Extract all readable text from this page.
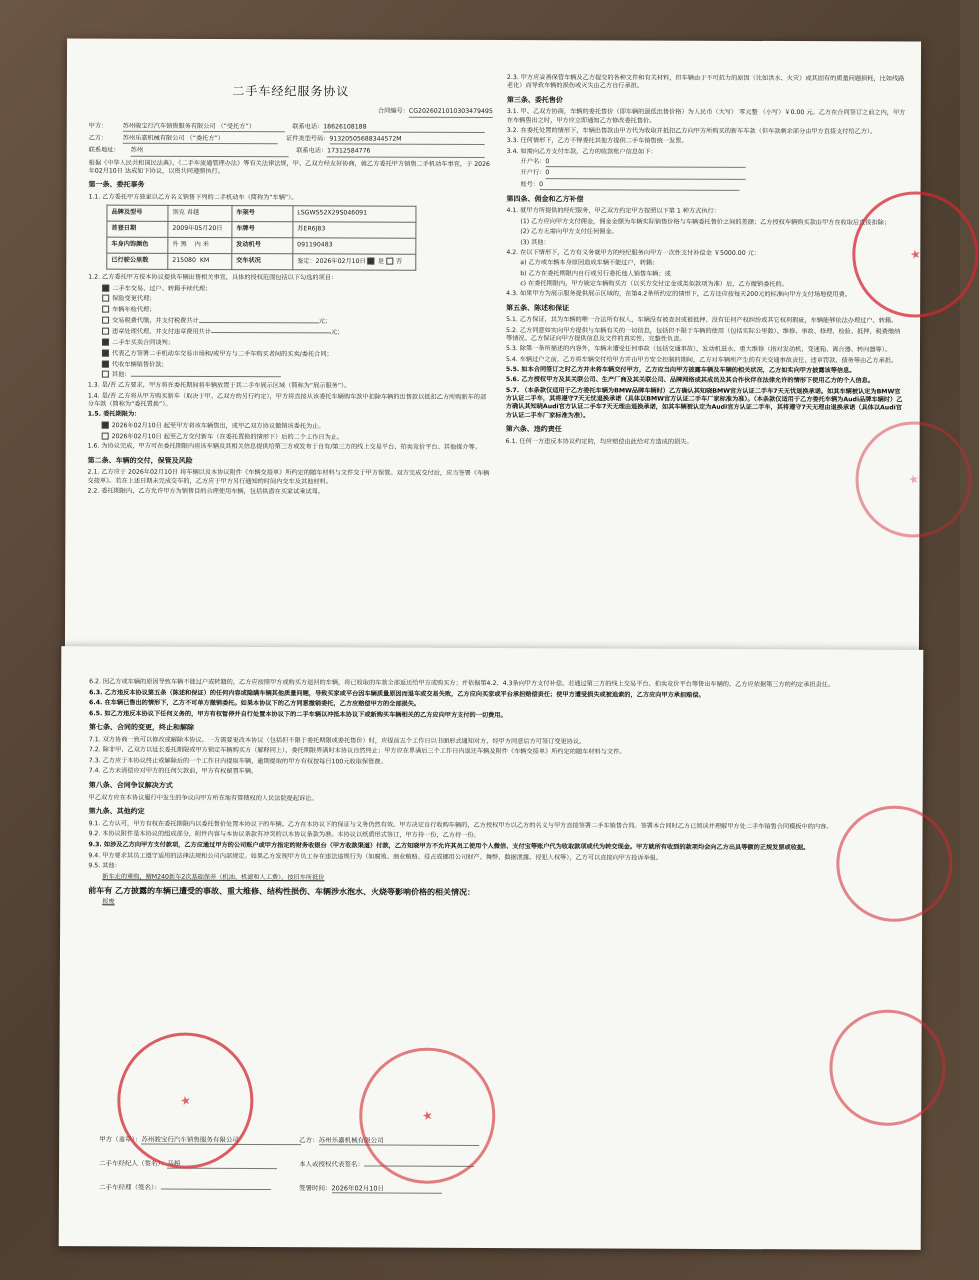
二手车经纪服务协议
合同编号：CG2026021010303479495
甲方：	苏州骏宝行汽车销售服务有限公司 （“受托方”）	联系电话： 18626108188
乙方：	苏州乐嘉机械有限公司 （“委托方”）	证件类型号码： 91320505688344572M
联系地址：	苏州	联系电话： 17312584776
根据《中华人民共和国民法典》、《二手车流通管理办法》等有关法律法规，甲、乙双方经友好协商，就乙方委托甲方销售二手机动车事宜，于 2026年02月10日 达成如下协议，以资共同遵照执行。
第一条、委托事务
1.1. 乙方委托甲方独家以乙方名义销售下列的二手机动车（简称为“车辆”）。
品牌及型号	别克 君越	车架号	LSGWS52X29S046091
首登日期	2009年05月20日	车牌号	苏ER6J83
车身内饰颜色	外 黑 内 米	发动机号	091190483
已行驶公里数	215080 KM	交车状况	鉴定：2026年02月10日 是 否
1.2. 乙方委托甲方按本协议提供车辆出售相关事宜，具体的授权范围包括以下勾选的项目：
二手车交易、过户、转籍手续代理；
保险变更代理；
车辆年检代理；
交易税费代缴，并支付税费共计	元；
违章处理代理，并支付违章费用共计	元；
二手车买卖合同谈判；
代表乙方签署二手机动车交易市场和/或甲方与二手车购买者间的买卖/委托合同；
代收车辆销售价款；
其他：
1.3. 是/否 乙方要求，甲方将在委托期间将车辆放置于其二手车展示区域（简称为“展示服务”）。
1.4. 是/否 乙方将从甲方购买新车（取决于甲、乙双方的另行约定），甲方将直接从该委托车辆购车款中扣除车辆的出售款以抵扣乙方所购新车的部分车款（简称为“委托置换”）。
1.5. 委托期限为：
2026年02月10日 起至甲方将该车辆售出，或甲乙双方协议撤销该委托为止。
2026年02月10日 起至乙方交付新车（在委托置换的情形下）后的二个工作日为止。
1.6. 为协议完成，甲方可在委托期限内将该车辆及其相关信息提供给第三方或发布于自有/第三方的线上交易平台、拍卖竞价平台、其他媒介等。
第二条、车辆的交付，保管及风险
2.1. 乙方应于 2026年02月10日 将车辆以及本协议附件《车辆交接单》所约定的随车材料与文件交于甲方保管。双方完成交付后，应当签署《车辆交接单》。若在上述日期未完成交车的，乙方应于甲方另行通知的时间内交车及其他材料。
2.2. 委托期限内，乙方允许甲方为销售目的合理使用车辆，包括供潜在买家试乘试驾。
2.3. 甲方应妥善保管车辆及乙方提交的各种文件和有关材料，但车辆由于不可抗力的原因（比如洪水、火灾）或其固有的质量问题损耗，比如线路老化）而导致车辆的损伤或灭失由乙方自行承担。
第三条、委托售价
3.1. 甲、乙双方协商，车辆的委托售价（即车辆的最低出售价格）为人民币（大写） 零元整 （小写）￥0.00 元。乙方在合同签订之前之内，甲方在车辆售出之时，甲方应立即通知乙方修改委托售价。
3.2. 在委托处置的情形下，车辆出售款由甲方代为收取并抵扣乙方向甲方所购买的新车车款（但车款剩余部分由甲方直接支付给乙方）。
3.3. 任何情形下，乙方不得委托其他方提供二手车销售统一发票。
3.4. 如需向乙方支付车款，乙方的收款账户信息如下：
开户名：0
开户行：0
账号：0
第四条、佣金和乙方补偿
4.1. 就甲方所提供的经纪服务，甲乙双方约定甲方按照以下第 1 种方式执行：
(1) 乙方应向甲方支付佣金，佣金金额为车辆实际销售价格与车辆委托售价之间的差额；乙方授权车辆购买款由甲方在收取后直接扣除；
(2) 乙方无需向甲方支付任何佣金。
(3) 其他：
4.2. 在以下情形下，乙方有义务就甲方的经纪服务向甲方一次性支付补偿金 ￥5000.00 元：
a) 乙方或车辆本身原因造成车辆不能过户，转籍；
b) 乙方在委托期限内自行或另行委托他人销售车辆；或
c) 在委托期限内，甲方锁定车辆购买方（以买方交付定金或类似款项为准）后，乙方撤销委托的。
4.3. 如果甲方为展示服务提供展示区域的，在第4.2条所约定的情形下，乙方还应按每天200元的标准向甲方支付场地使用费。
第五条、陈述和保证
5.1. 乙方保证，其为车辆的唯一合法所有权人，车辆没有被查封或被抵押、没有任何产权纠纷或其它权利瑕疵，车辆能够依法办理过户、转籍。
5.2. 乙方同意如实向甲方提供与车辆有关的一切信息，包括但不限于车辆的使用（包括实际公里数）、维修、事故、修理、检验、抵押、税费缴纳等情况。乙方保证向甲方提供信息及文件的真实性、完整性负责。
5.3. 除第一条所描述的内容外，车辆未遭受任何事故（包括交通事故），发动机进水、重大维修（指对发动机、变速箱、离合器、转向器等）。
5.4. 车辆过户之前，乙方将车辆交付给甲方并由甲方安全控制的期间，乙方对车辆所产生的有关交通事故责任、违章罚款、债务等由乙方承担。
5.5. 如本合同签订之时乙方并未将车辆交付甲方，乙方应当向甲方披露车辆及车辆的相关状况，乙方如实向甲方披露该等信息。
5.6. 乙方授权甲方及其关联公司、生产厂商及其关联公司、品牌网络或其成员及其合作伙伴在法律允许的情形下使用乙方的个人信息。
5.7. （本条款仅适用于乙方委托车辆为BMW品牌车辆时）乙方确认其知晓BMW官方认证二手车7天无忧退换承诺。如其车辆被认定为BMW官方认证二手车，其将遵守7天无忧退换承诺（具体以BMW官方认证二手车厂家标准为准）。（本条款仅适用于乙方委托车辆为Audi品牌车辆时）乙方确认其知晓Audi官方认证二手车7天无理由退换承诺，如其车辆被认定为Audi官方认证二手车，其将遵守7天无理由退换承诺（具体以Audi官方认证二手车厂家标准为准）。
第六条、违约责任
6.1. 任何一方违反本协议约定的，均应赔偿由此给对方造成的损失。
★
★
6.2. 因乙方或车辆的原因导致车辆不能过户或转籍的，乙方应按照甲方或购买方退回的车辆，将已收取的车款全部返还给甲方或购买方；并依据第4.2、4.3条向甲方支付补偿。若通过第三方的线上交易平台、拍卖竞价平台等售出车辆的，乙方应依据第三方的约定承担责任。
6.3. 乙方违反本协议第五条（陈述和保证）的任何内容或隐瞒车辆其他质量问题，导致买家或平台因车辆质量原因而退车或交易失败，乙方应向买家或平台承担赔偿责任；使甲方遭受损失或被追索的，乙方应向甲方承担赔偿。
6.4. 在车辆已售出的情形下，乙方不可单方撤销委托。如果本协议下的乙方同意撤销委托，乙方应赔偿甲方的全部损失。
6.5. 如乙方违反本协议下任何义务的，甲方有权暂停并自行处置本协议下的二手车辆以冲抵本协议下或新购买车辆相关的乙方应向甲方支付的一切费用。
第七条、合同的变更，终止和解除
7.1. 双方协商一致可以修改或解除本协议。一方需要更改本协议（包括但不限于委托期限或委托售价）时，应提前五个工作日以书面形式通知对方，经甲方同意后方可签订变更协议。
7.2. 除非甲、乙双方以延长委托期限或甲方锁定车辆购买方（解释同上），委托期限界满时本协议自然终止；甲方应在界满后三个工作日内返还车辆及附件《车辆交接单》所约定的随车材料与文件。
7.3. 乙方应于本协议终止或解除后的一个工作日内提取车辆，逾期提取的甲方有权按每日100元收取保管费。
7.4. 乙方未清偿应对甲方的任何欠款前，甲方有权留置车辆。
第八条、合同争议解决方式
甲乙双方应在本协议履行中发生的争议向甲方所在地有管辖权的人民法院提起诉讼。
第九条、其他约定
9.1. 乙方认可，甲方有权在委托期限内以委托售价处置本协议下的车辆。乙方在本协议下的保证与义务仍然有效。甲方决定自行收购车辆的，乙方授权甲方以乙方的名义与甲方直接签署二手车销售合同。签署本合同时乙方已阅读并理解甲方处二手车销售合同模板中的内容。
9.2. 本协议附件是本协议的组成部分，附件内容与本协议条款有冲突的以本协议条款为准。本协议以纸质形式签订，甲方持一份，乙方持一份。
9.3. 如涉及乙方向甲方支付款项，乙方应通过甲方的公司账户或甲方指定的财务收银台（甲方收款渠道）付款，乙方知晓甲方不允许其员工使用个人微信、支付宝等账户代为收取款项或代为转交现金。甲方就所有收到的款项均会向乙方出具等额的正规发票或收据。
9.4. 甲方要求其员工遵守适用的法律法规和公司内部规定。如果乙方发现甲方员工存在违法违规行为（如腐败、商业贿赂、侵占或挪用公司财产、舞弊、数据泄露、侵犯人权等），乙方可以直接向甲方投诉举报。
9.5. 其他：
新车走的重购，赠M240新车2次基础保养（机油、机滤和人工费），按旧车所抵价
前车有 乙方披露的车辆已遭受的事故、重大维修、结构性损伤、车辆涉水泡水、火烧等影响价格的相关情况：
报废
甲方（盖章）：苏州骏宝行汽车销售服务有限公司
二手车经纪人（签名）：马超
二手车经理（签名）：
乙方：苏州乐嘉机械有限公司
本人或授权代表签名：
签署时间：2026年02月10日
★
★
